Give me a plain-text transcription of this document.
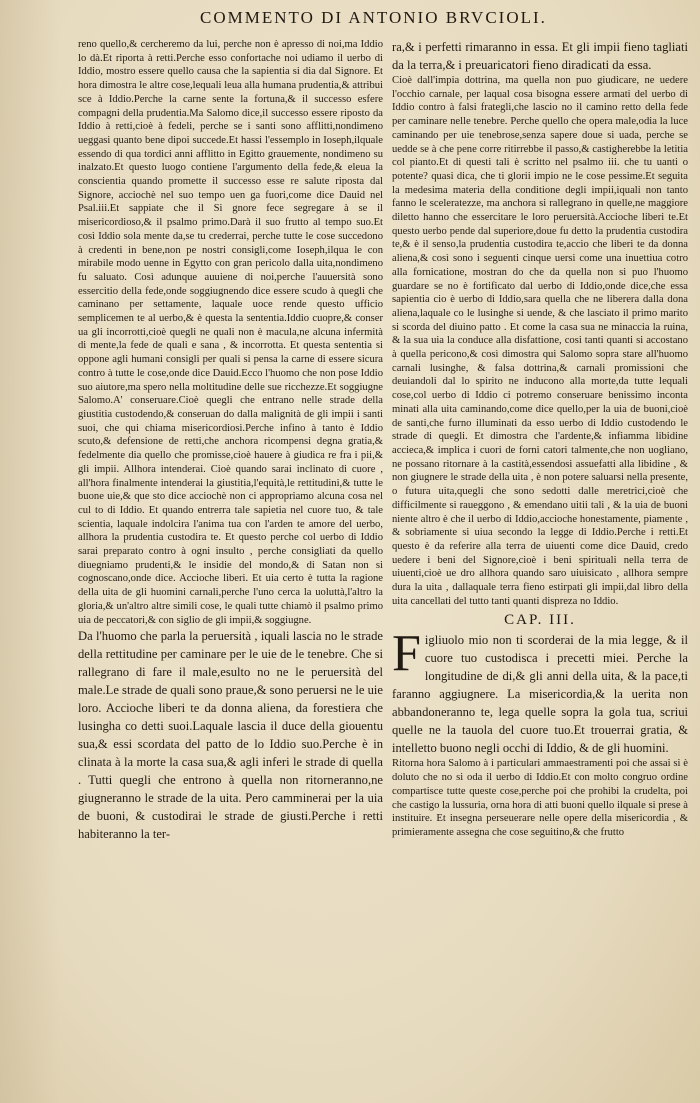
COMMENTO DI ANTONIO BRVCIOLI.

reno quello,& cercheremo da lui, perche non è apresso di noi,ma Iddio lo dà.Et riporta à retti.Perche esso confortache noi udiamo il uerbo di Iddio, mostro essere quello causa che la sapientia si dia dal Signore. Et hora dimostra le altre cose,lequali leua alla humana prudentia,& attribui sce à Iddio.Perche la carne sente la fortuna,& il successo esfere compagni della prudentia.Ma Salomo dice,il successo essere riposto da Iddio à retti,cioè à fedeli, perche se i santi sono afflitti,nondimeno ueggasi quanto bene dipoi succede.Et hassi l'essemplo in Ioseph,ilquale essendo di qua tordici anni afflitto in Egitto grauemente, nondimeno su inalzato.Et questo luogo contiene l'argumento della fede,& eleua la conscientia quando promette il successo esse re salute riposta dal Signore, acciochè nel suo tempo uen ga fuori,come dice Dauid nel Psal.iii.Et sappiate che il Si gnore fece segregare à se il misericordioso,& il psalmo primo.Darà il suo frutto al tempo suo.Et così Iddio sola mente da,se tu crederrai, perche tutte le cose succedono à credenti in bene,non pe nostri consigli,come Ioseph,ilqua le con mirabile modo uenne in Egytto con gran pericolo dalla uita,nondimeno fu saluato. Così adunque auuiene di noi,perche l'auuersità sono essercitio della fede,onde soggiugnendo dice essere scudo à quegli che caminano per settamente, laquale uoce rende questo ufficio semplicemen te al uerbo,& è questa la sententia.Iddio cuopre,& conser ua gli incorrotti,cioè quegli ne quali non è macula,ne alcuna infermità di mente,la fede de quali e sana , & incorrotta. Et questa sententia si oppone agli humani consigli per quali si pensa la carne di essere sicura contro à tutte le cose,onde dice Dauid.Ecco l'huomo che non pose Iddio suo aiutore,ma spero nella moltitudine delle sue ricchezze.Et soggiugne Salomo.A' conseruare.Cioè quegli che entrano nelle strade della giustitia custodendo,& conseruan do dalla malignità de gli impii i santi suoi, che qui chiama misericordiosi.Perche infino à tanto è Iddio scuto,& defensione de retti,che anchora ricompensi degna gratia,& fedelmente dia quello che promisse,cioè hauere à giudica re fra i pii,& gli impii. Allhora intenderai. Cioè quando sarai inclinato di cuore , all'hora finalmente intenderai la giustitia,l'equità,le rettitudini,& tutte le buone uie,& que sto dice acciochè non ci appropriamo alcuna cosa nel cul to di Iddio. Et quando entrerra tale sapietia nel cuore tuo, & tale scientia, laquale indolcira l'anima tua con l'arden te amore del uerbo, allhora la prudentia custodira te. Et questo perche col uerbo di Iddio sarai preparato contro à ogni insulto , perche consigliati da quello diuegniamo prudenti,& le insidie del mondo,& di Satan non si cognoscano,onde dice. Accioche liberi. Et uia certo è tutta la ragione della uita de gli huomini carnali,perche l'uno cerca la uoluttà,l'altro la gloria,& un'altro altre simili cose, le quali tutte chiamò il psalmo primo uia de peccatori,& con siglio de gli impii,& soggiugne.

Da l'huomo che parla la peruersità , iquali lascia no le strade della rettitudine per caminare per le uie de le tenebre. Che si rallegrano di fare il male,esulto no ne le peruersità del male.Le strade de quali sono praue,& sono peruersi ne le uie loro. Accioche liberi te da donna aliena, da forestiera che lusingha co detti suoi.Laquale lascia il duce della giouentu sua,& essi scordata del patto de lo Iddio suo.Perche è in clinata à la morte la casa sua,& agli inferi le strade di quella . Tutti quegli che entrono à quella non ritorneranno,ne giugneranno le strade de la uita. Pero camminerai per la uia de buoni, & custodirai le strade de giusti.Perche i retti habiteranno la ter-

ra,& i perfetti rimaranno in essa. Et gli impii fieno tagliati da la terra,& i preuaricatori fieno diradicati da essa.

Cioè dall'impia dottrina, ma quella non puo giudicare, ne uedere l'occhio carnale, per laqual cosa bisogna essere armati del uerbo di Iddio contro à falsi frategli,che lascio no il camino retto della fede per caminare nelle tenebre. Perche quello che opera male,odia la luce caminando per uie tenebrose,senza sapere doue si uada, perche se uedde se à che pene corre ritirrebbe il passo,& castigherebbe la letitia col pianto.Et di questi tali è scritto nel psalmo iii. che tu uanti o potente? quasi dica, che ti glorii impio ne le cose pessime.Et seguita la medesima materia della conditione degli impii,iquali non tanto fanno le sceleratezze, ma anchora si rallegrano in quelle,ne maggiore diletto hanno che essercitare le loro peruersità.Accioche liberi te.Et questo uerbo pende dal superiore,doue fu detto la prudentia custodira te,& è il senso,la prudentia custodira te,accio che liberi te da donna aliena,& così sono i seguenti cinque uersi come una inuettiua cotro alla fornicatione, mostran do che da quella non si puo l'huomo guardare se no è fortificato dal uerbo di Iddio,onde dice,che essa sapientia cio è uerbo di Iddio,sara quella che ne liberera dalla dona aliena,laquale co le lusinghe si uende, & che lasciato il primo marito si scorda del diuino patto . Et come la casa sua ne minaccia la ruina, & la sua uia la conduce alla disfattione, cosi tanti quanti si accostano à quella pericono,& così dimostra qui Salomo sopra stare all'huomo carnali lusinghe, & falsa dottrina,& carnali promissioni che deuiandoli dal lo spirito ne inducono alla morte,da tutte lequali cose,col uerbo di Iddio ci potremo conseruare benissimo inconta minati alla uita caminando,come dice quello,per la uia de buoni,cioè de santi,che furno illuminati da esso uerbo di Iddio custodendo le strade di quegli. Et dimostra che l'ardente,& infiamma libidine accieca,& implica i cuori de forni catori talmente,che non uogliano, ne possano ritornare à la castità,essendosi assuefatti alla libidine , & non giugnere le strade della uita , è non potere saluarsi nella presente, o futura uita,quegli che sono sedotti dalle meretrici,cioè che difficilmente si raueggono , & emendano uitii tali , & la uia de buoni niente altro è che il uerbo di Iddio,accioche honestamente, piamente , & sobriamente si uiua secondo la legge di Iddio.Perche i retti.Et questo è da referire alla terra de uiuenti come dice Dauid, credo uedere i beni del Signore,cioè i beni spirituali nella terra de uiuenti,cioè ue dro allhora quando saro uiuisicato , allhora sempre dura la uita , dallaquale terra fieno estirpati gli impii,dal libro della uita cancellati del tutto tanti quanti dispreza no Iddio.

CAP. III.

Figliuolo mio non ti scorderai de la mia legge, & il cuore tuo custodisca i precetti miei. Perche la longitudine de di,& gli anni della uita, & la pace,ti faranno aggiugnere. La misericordia,& la uerita non abbandoneranno te, lega quelle sopra la gola tua, scriui quelle ne la tauola del cuore tuo.Et trouerrai gratia, & intelletto buono negli occhi di Iddio, & de gli huomini.

Ritorna hora Salomo à i particulari ammaestramenti poi che assai si è doluto che no si oda il uerbo di Iddio.Et con molto congruo ordine compartisce tutte queste cose,perche poi che prohibi la crudelta, poi che castigo la lussuria, orna hora di atti buoni quello ilquale si prese à instituire. Et insegna perseuerare nelle opere della misericordia , & primieramente assegna che cose seguitino,& che frutto
